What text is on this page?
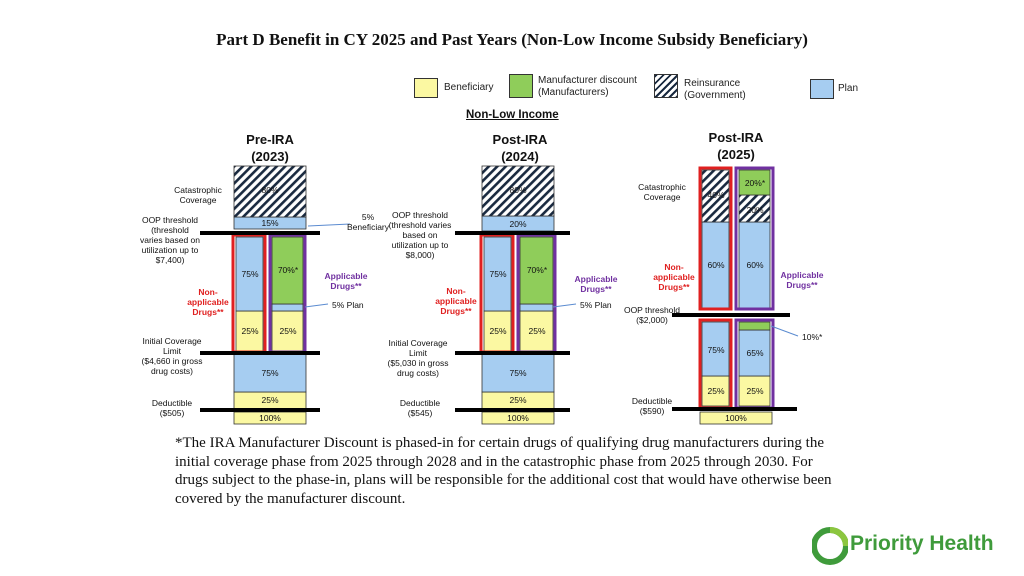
Part D Benefit in CY 2025 and Past Years (Non-Low Income Subsidy Beneficiary)
Beneficiary
Manufacturer discount
(Manufacturers)
Reinsurance
(Government)
Plan
Non-Low Income
Pre-IRA
(2023)
Post-IRA
(2024)
Post-IRA
(2025)
100%
25%
75%
25%
75%
25%
70%*
15%
80%
100%
25%
75%
25%
75%
25%
70%*
20%
80%
100%
25%
75%
25%
65%
60%
40%
60%
20%
20%*
Catastrophic
Coverage
OOP threshold
(threshold
varies based on
utilization up to
$7,400)
Non-
applicable
Drugs**
Applicable
Drugs**
5%
Beneficiary
5% Plan
Initial Coverage
Limit
($4,660 in gross
drug costs)
Deductible
($505)
OOP threshold
(threshold varies
based on
utilization up to
$8,000)
Non-
applicable
Drugs**
Applicable
Drugs**
5% Plan
Initial Coverage
Limit
($5,030 in gross
drug costs)
Deductible
($545)
Catastrophic
Coverage
Non-
applicable
Drugs**
Applicable
Drugs**
OOP threshold
($2,000)
10%*
Deductible
($590)
*The IRA Manufacturer Discount is phased-in for certain drugs of qualifying drug manufacturers during the initial coverage phase from 2025 through 2028 and in the catastrophic phase from 2025 through 2030. For drugs subject to the phase-in, plans will be responsible for the additional cost that would have otherwise been covered by the manufacturer discount.
Priority Health
